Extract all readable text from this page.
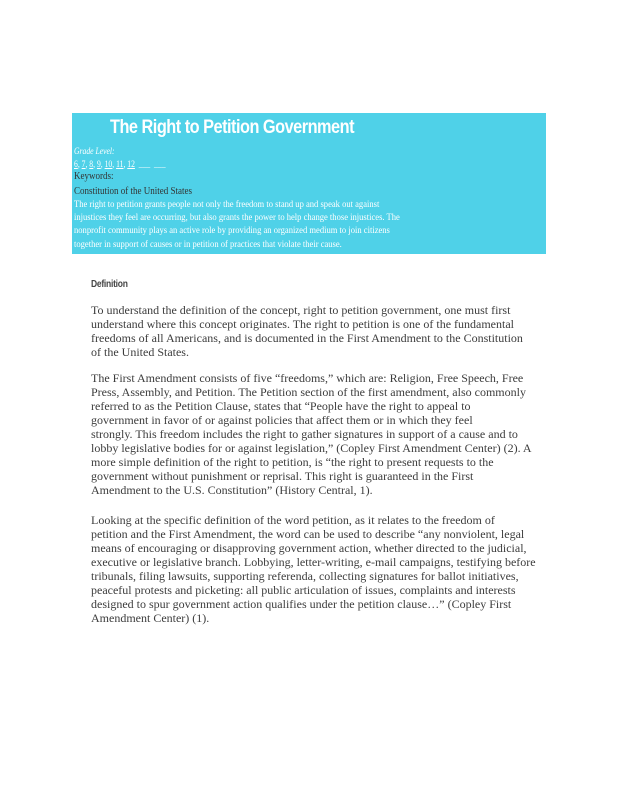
The Right to Petition Government
Grade Level:
6, 7, 8, 9, 10, 11, 12  ___  ___
Keywords:
Constitution of the United States
The right to petition grants people not only the freedom to stand up and speak out against
injustices they feel are occurring, but also grants the power to help change those injustices. The
nonprofit community plays an active role by providing an organized medium to join citizens
together in support of causes or in petition of practices that violate their cause.
Definition
To understand the definition of the concept, right to petition government, one must first
understand where this concept originates. The right to petition is one of the fundamental
freedoms of all Americans, and is documented in the First Amendment to the Constitution
of the United States.
The First Amendment consists of five “freedoms,” which are: Religion, Free Speech, Free
Press, Assembly, and Petition. The Petition section of the first amendment, also commonly
referred to as the Petition Clause, states that “People have the right to appeal to
government in favor of or against policies that affect them or in which they feel
strongly. This freedom includes the right to gather signatures in support of a cause and to
lobby legislative bodies for or against legislation,” (Copley First Amendment Center) (2). A
more simple definition of the right to petition, is “the right to present requests to the
government without punishment or reprisal. This right is guaranteed in the First
Amendment to the U.S. Constitution” (History Central, 1).
Looking at the specific definition of the word petition, as it relates to the freedom of
petition and the First Amendment, the word can be used to describe “any nonviolent, legal
means of encouraging or disapproving government action, whether directed to the judicial,
executive or legislative branch. Lobbying, letter-writing, e-mail campaigns, testifying before
tribunals, filing lawsuits, supporting referenda, collecting signatures for ballot initiatives,
peaceful protests and picketing: all public articulation of issues, complaints and interests
designed to spur government action qualifies under the petition clause…” (Copley First
Amendment Center) (1).
